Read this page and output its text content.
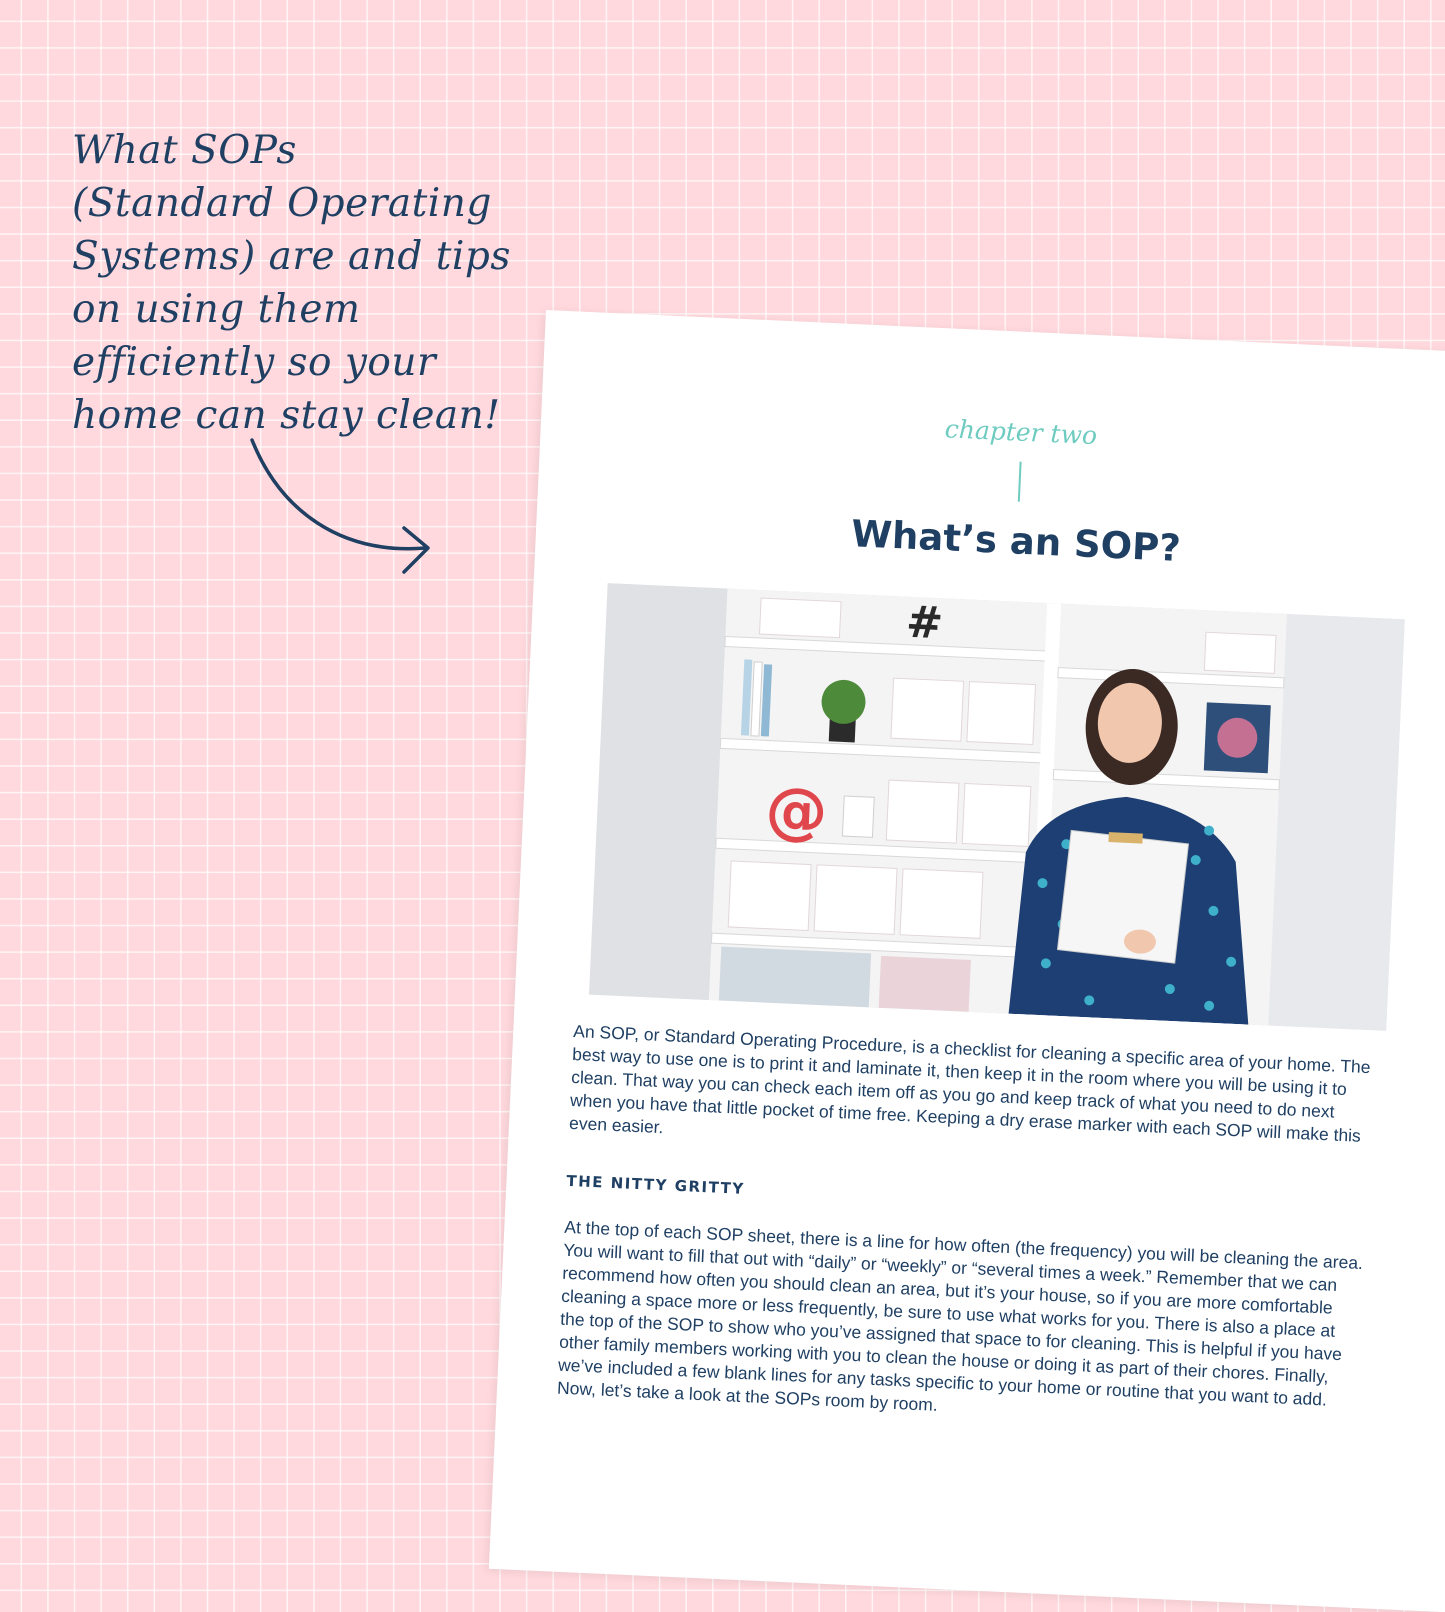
What SOPs (Standard Operating Systems) are and tips on using them efficiently so your home can stay clean!	chapter two
What’s an SOP?
#
@
An SOP, or Standard Operating Procedure, is a checklist for cleaning a specific area of your home. The best way to use one is to print it and laminate it, then keep it in the room where you will be using it to clean. That way you can check each item off as you go and keep track of what you need to do next when you have that little pocket of time free. Keeping a dry erase marker with each SOP will make this even easier.
THE NITTY GRITTY
At the top of each SOP sheet, there is a line for how often (the frequency) you will be cleaning the area. You will want to fill that out with “daily” or “weekly” or “several times a week.” Remember that we can recommend how often you should clean an area, but it’s your house, so if you are more comfortable cleaning a space more or less frequently, be sure to use what works for you. There is also a place at the top of the SOP to show who you’ve assigned that space to for cleaning. This is helpful if you have other family members working with you to clean the house or doing it as part of their chores. Finally, we’ve included a few blank lines for any tasks specific to your home or routine that you want to add. Now, let’s take a look at the SOPs room by room.
